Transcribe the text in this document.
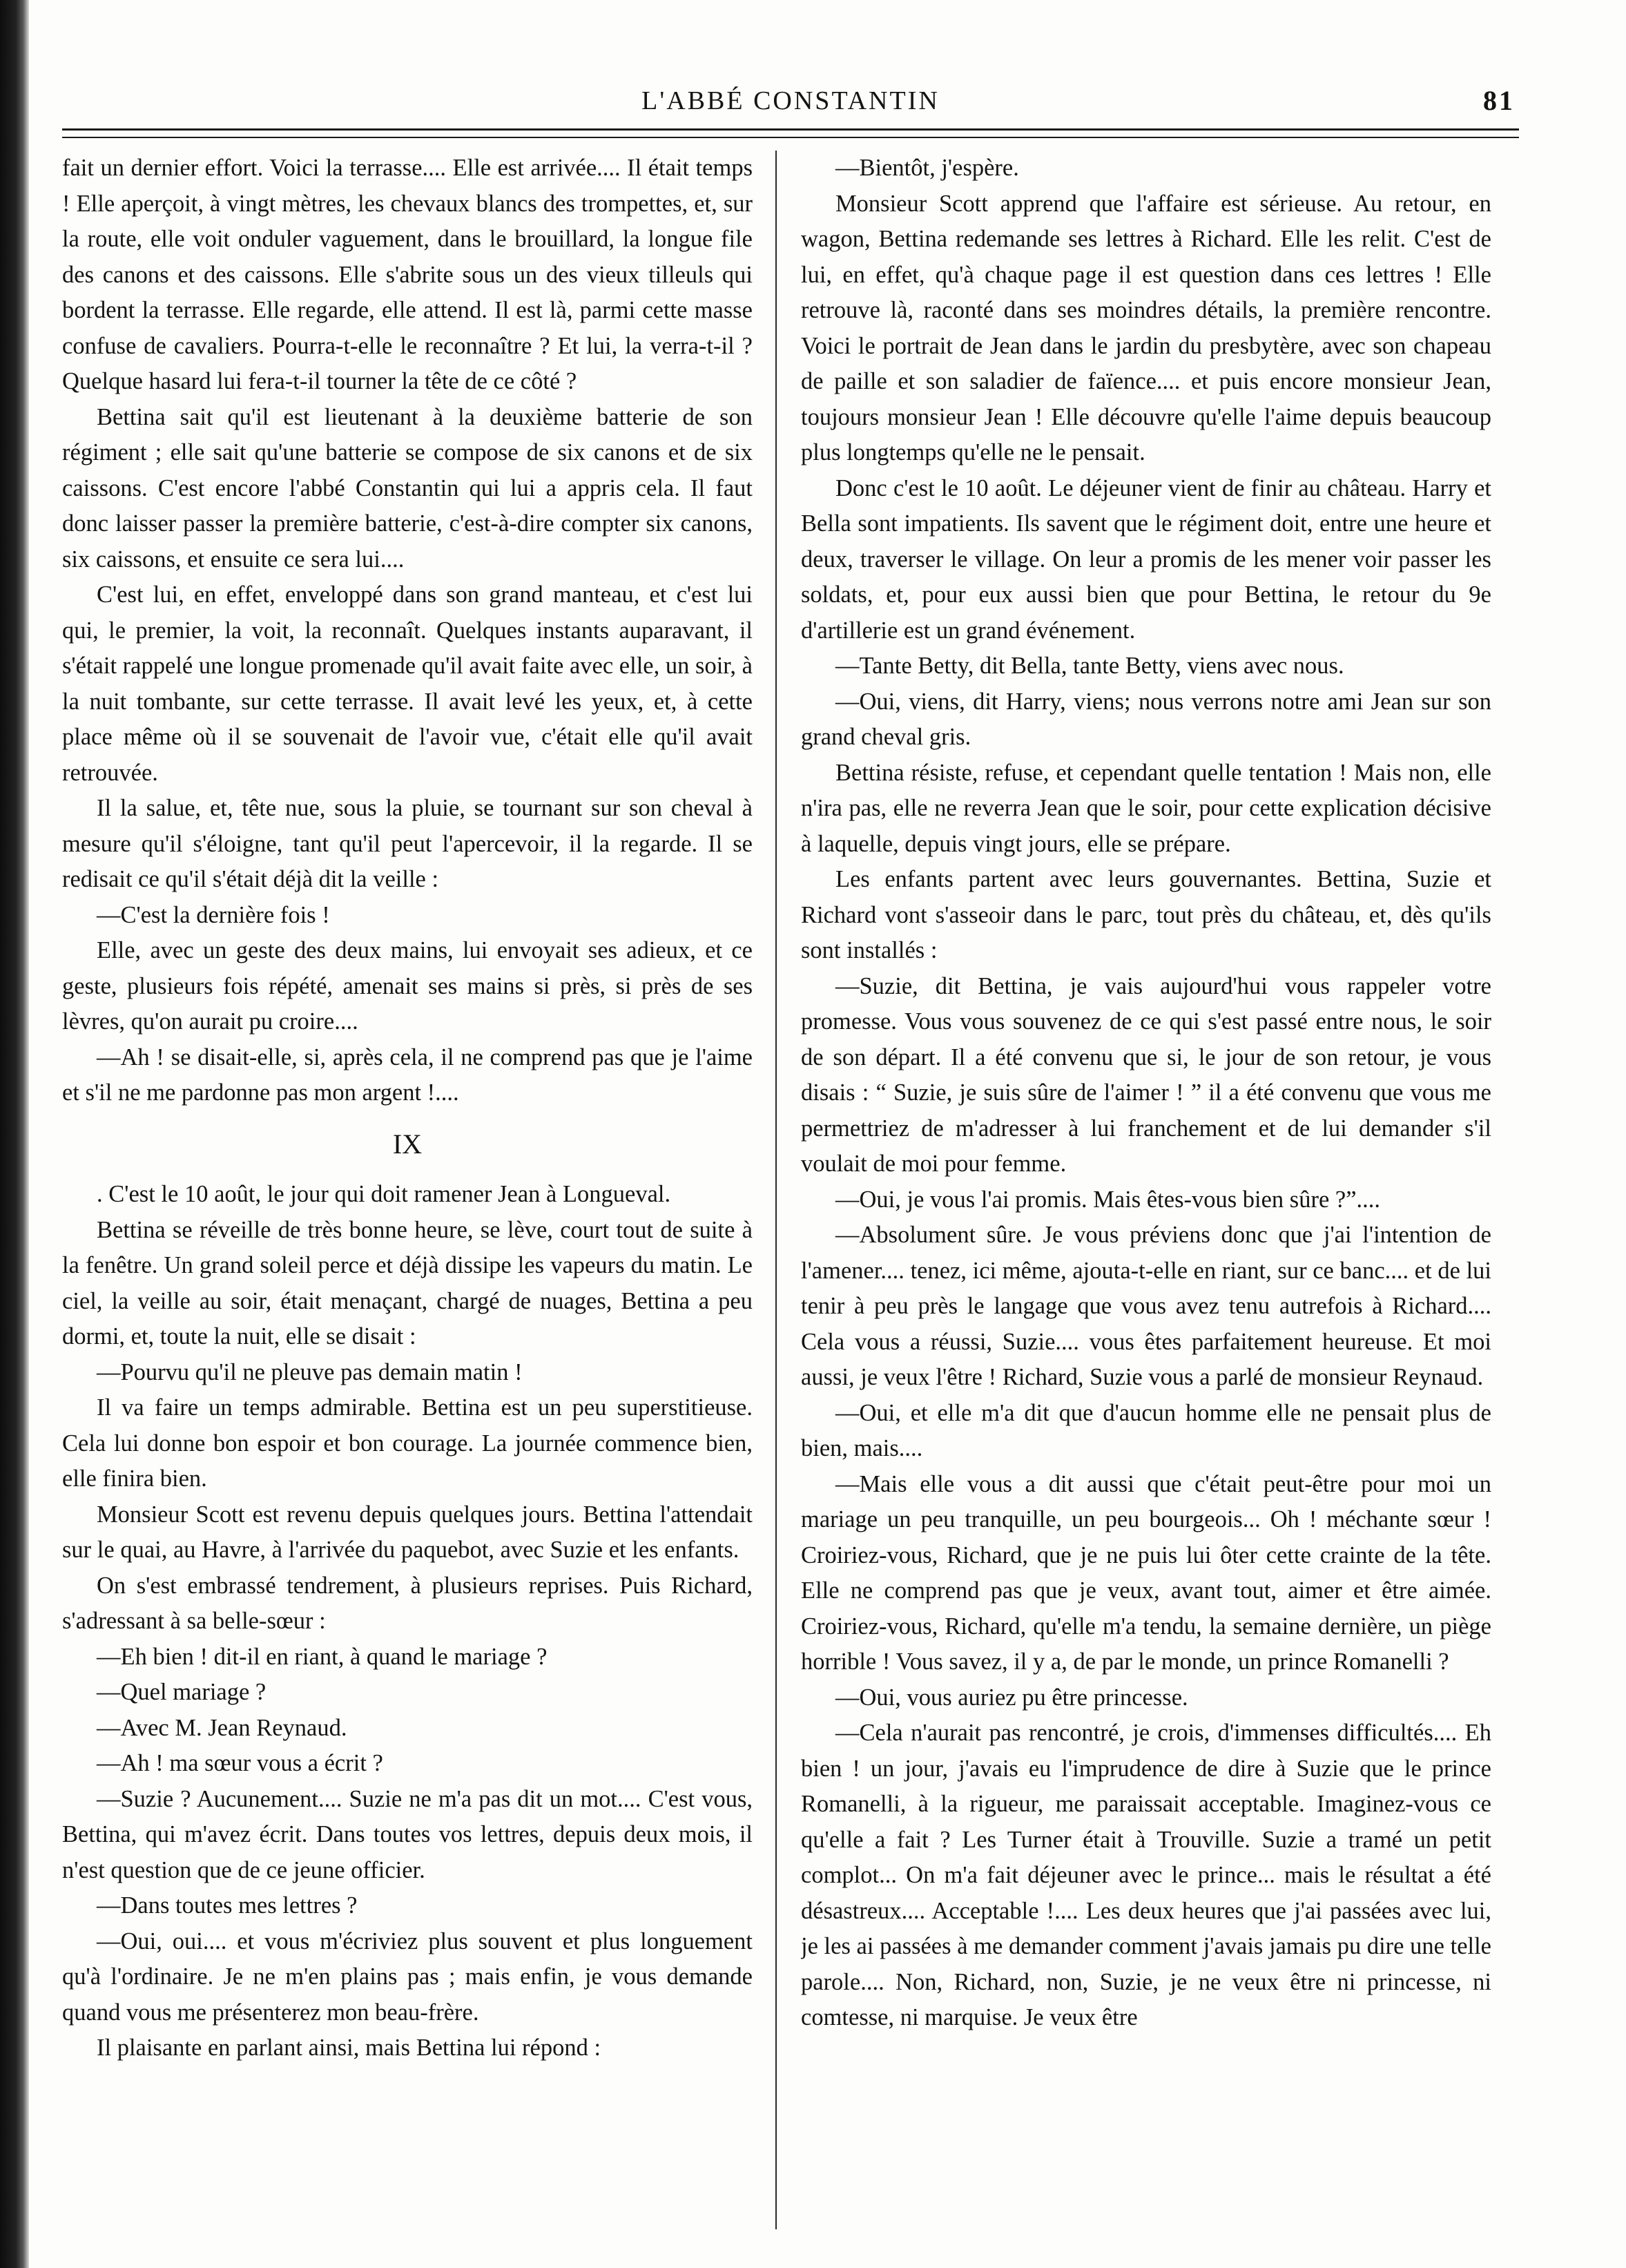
L'ABBÉ CONSTANTIN	81

fait un dernier effort. Voici la terrasse.... Elle est arrivée.... Il était temps ! Elle aperçoit, à vingt mètres, les chevaux blancs des trompettes, et, sur la route, elle voit onduler vaguement, dans le brouillard, la longue file des canons et des caissons. Elle s'abrite sous un des vieux tilleuls qui bordent la terrasse. Elle regarde, elle attend. Il est là, parmi cette masse confuse de cavaliers. Pourra-t-elle le reconnaître ? Et lui, la verra-t-il ? Quelque hasard lui fera-t-il tourner la tête de ce côté ?

Bettina sait qu'il est lieutenant à la deuxième batterie de son régiment ; elle sait qu'une batterie se compose de six canons et de six caissons. C'est encore l'abbé Constantin qui lui a appris cela. Il faut donc laisser passer la première batterie, c'est-à-dire compter six canons, six caissons, et ensuite ce sera lui....

C'est lui, en effet, enveloppé dans son grand manteau, et c'est lui qui, le premier, la voit, la reconnaît. Quelques instants auparavant, il s'était rappelé une longue promenade qu'il avait faite avec elle, un soir, à la nuit tombante, sur cette terrasse. Il avait levé les yeux, et, à cette place même où il se souvenait de l'avoir vue, c'était elle qu'il avait retrouvée.

Il la salue, et, tête nue, sous la pluie, se tournant sur son cheval à mesure qu'il s'éloigne, tant qu'il peut l'apercevoir, il la regarde. Il se redisait ce qu'il s'était déjà dit la veille :

—C'est la dernière fois !

Elle, avec un geste des deux mains, lui envoyait ses adieux, et ce geste, plusieurs fois répété, amenait ses mains si près, si près de ses lèvres, qu'on aurait pu croire....

—Ah ! se disait-elle, si, après cela, il ne comprend pas que je l'aime et s'il ne me pardonne pas mon argent !....

IX

. C'est le 10 août, le jour qui doit ramener Jean à Longueval.

Bettina se réveille de très bonne heure, se lève, court tout de suite à la fenêtre. Un grand soleil perce et déjà dissipe les vapeurs du matin. Le ciel, la veille au soir, était menaçant, chargé de nuages, Bettina a peu dormi, et, toute la nuit, elle se disait :

—Pourvu qu'il ne pleuve pas demain matin !

Il va faire un temps admirable. Bettina est un peu superstitieuse. Cela lui donne bon espoir et bon courage. La journée commence bien, elle finira bien.

Monsieur Scott est revenu depuis quelques jours. Bettina l'attendait sur le quai, au Havre, à l'arrivée du paquebot, avec Suzie et les enfants.

On s'est embrassé tendrement, à plusieurs reprises. Puis Richard, s'adressant à sa belle-sœur :

—Eh bien ! dit-il en riant, à quand le mariage ?

—Quel mariage ?

—Avec M. Jean Reynaud.

—Ah ! ma sœur vous a écrit ?

—Suzie ? Aucunement.... Suzie ne m'a pas dit un mot.... C'est vous, Bettina, qui m'avez écrit. Dans toutes vos lettres, depuis deux mois, il n'est question que de ce jeune officier.

—Dans toutes mes lettres ?

—Oui, oui.... et vous m'écriviez plus souvent et plus longuement qu'à l'ordinaire. Je ne m'en plains pas ; mais enfin, je vous demande quand vous me présenterez mon beau-frère.

Il plaisante en parlant ainsi, mais Bettina lui répond :

—Bientôt, j'espère.

Monsieur Scott apprend que l'affaire est sérieuse. Au retour, en wagon, Bettina redemande ses lettres à Richard. Elle les relit. C'est de lui, en effet, qu'à chaque page il est question dans ces lettres ! Elle retrouve là, raconté dans ses moindres détails, la première rencontre. Voici le portrait de Jean dans le jardin du presbytère, avec son chapeau de paille et son saladier de faïence.... et puis encore monsieur Jean, toujours monsieur Jean ! Elle découvre qu'elle l'aime depuis beaucoup plus longtemps qu'elle ne le pensait.

Donc c'est le 10 août. Le déjeuner vient de finir au château. Harry et Bella sont impatients. Ils savent que le régiment doit, entre une heure et deux, traverser le village. On leur a promis de les mener voir passer les soldats, et, pour eux aussi bien que pour Bettina, le retour du 9e d'artillerie est un grand événement.

—Tante Betty, dit Bella, tante Betty, viens avec nous.

—Oui, viens, dit Harry, viens; nous verrons notre ami Jean sur son grand cheval gris.

Bettina résiste, refuse, et cependant quelle tentation ! Mais non, elle n'ira pas, elle ne reverra Jean que le soir, pour cette explication décisive à laquelle, depuis vingt jours, elle se prépare.

Les enfants partent avec leurs gouvernantes. Bettina, Suzie et Richard vont s'asseoir dans le parc, tout près du château, et, dès qu'ils sont installés :

—Suzie, dit Bettina, je vais aujourd'hui vous rappeler votre promesse. Vous vous souvenez de ce qui s'est passé entre nous, le soir de son départ. Il a été convenu que si, le jour de son retour, je vous disais : “ Suzie, je suis sûre de l'aimer ! ” il a été convenu que vous me permettriez de m'adresser à lui franchement et de lui demander s'il voulait de moi pour femme.

—Oui, je vous l'ai promis. Mais êtes-vous bien sûre ?”....

—Absolument sûre. Je vous préviens donc que j'ai l'intention de l'amener.... tenez, ici même, ajouta-t-elle en riant, sur ce banc.... et de lui tenir à peu près le langage que vous avez tenu autrefois à Richard.... Cela vous a réussi, Suzie.... vous êtes parfaitement heureuse. Et moi aussi, je veux l'être ! Richard, Suzie vous a parlé de monsieur Reynaud.

—Oui, et elle m'a dit que d'aucun homme elle ne pensait plus de bien, mais....

—Mais elle vous a dit aussi que c'était peut-être pour moi un mariage un peu tranquille, un peu bourgeois... Oh ! méchante sœur ! Croiriez-vous, Richard, que je ne puis lui ôter cette crainte de la tête. Elle ne comprend pas que je veux, avant tout, aimer et être aimée. Croiriez-vous, Richard, qu'elle m'a tendu, la semaine dernière, un piège horrible ! Vous savez, il y a, de par le monde, un prince Romanelli ?

—Oui, vous auriez pu être princesse.

—Cela n'aurait pas rencontré, je crois, d'immenses difficultés.... Eh bien ! un jour, j'avais eu l'imprudence de dire à Suzie que le prince Romanelli, à la rigueur, me paraissait acceptable. Imaginez-vous ce qu'elle a fait ? Les Turner était à Trouville. Suzie a tramé un petit complot... On m'a fait déjeuner avec le prince... mais le résultat a été désastreux.... Acceptable !.... Les deux heures que j'ai passées avec lui, je les ai passées à me demander comment j'avais jamais pu dire une telle parole.... Non, Richard, non, Suzie, je ne veux être ni princesse, ni comtesse, ni marquise. Je veux être
